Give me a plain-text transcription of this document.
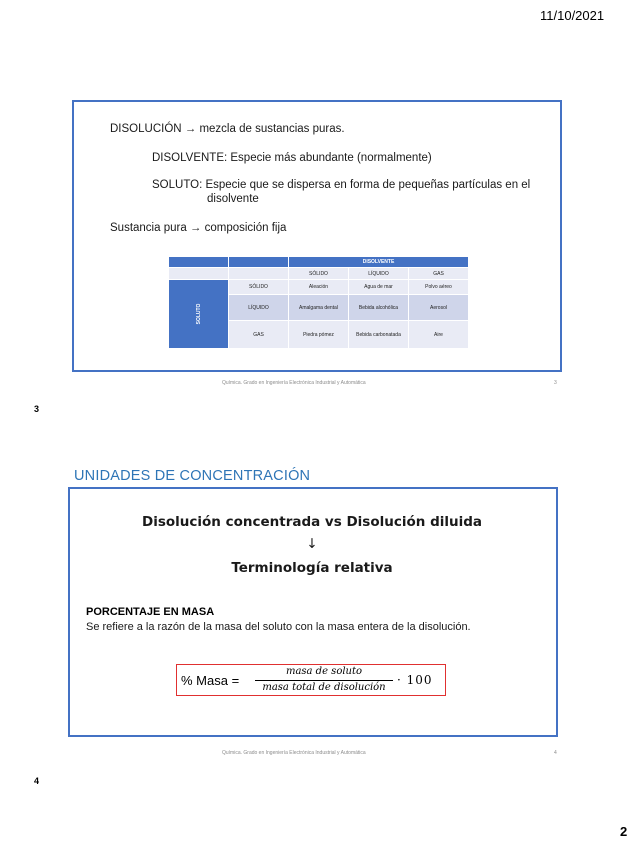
11/10/2021
DISOLUCIÓN → mezcla de sustancias puras.
DISOLVENTE: Especie más abundante (normalmente)
SOLUTO: Especie que se dispersa en forma de pequeñas partículas en el
disolvente
Sustancia pura → composición fija
		DISOLVENTE		
		SÓLIDO	LÍQUIDO	GAS

SOLUTO	SÓLIDO	Aleación	Agua de mar	Polvo aéreo
	LÍQUIDO	Amalgama dental	Bebida alcohólica	Aerosol
	GAS	Piedra pómez	Bebida carbonatada	Aire
Química. Grado en Ingeniería Electrónica Industrial y Automática	3
3
UNIDADES DE CONCENTRACIÓN
Disolución concentrada vs Disolución diluida
↓
Terminología relativa
PORCENTAJE EN MASA
Se refiere a la razón de la masa del soluto con la masa entera de la disolución.
% Masa =
masa de soluto
masa total de disolución
· 100
Química. Grado en Ingeniería Electrónica Industrial y Automática	4
4
2
